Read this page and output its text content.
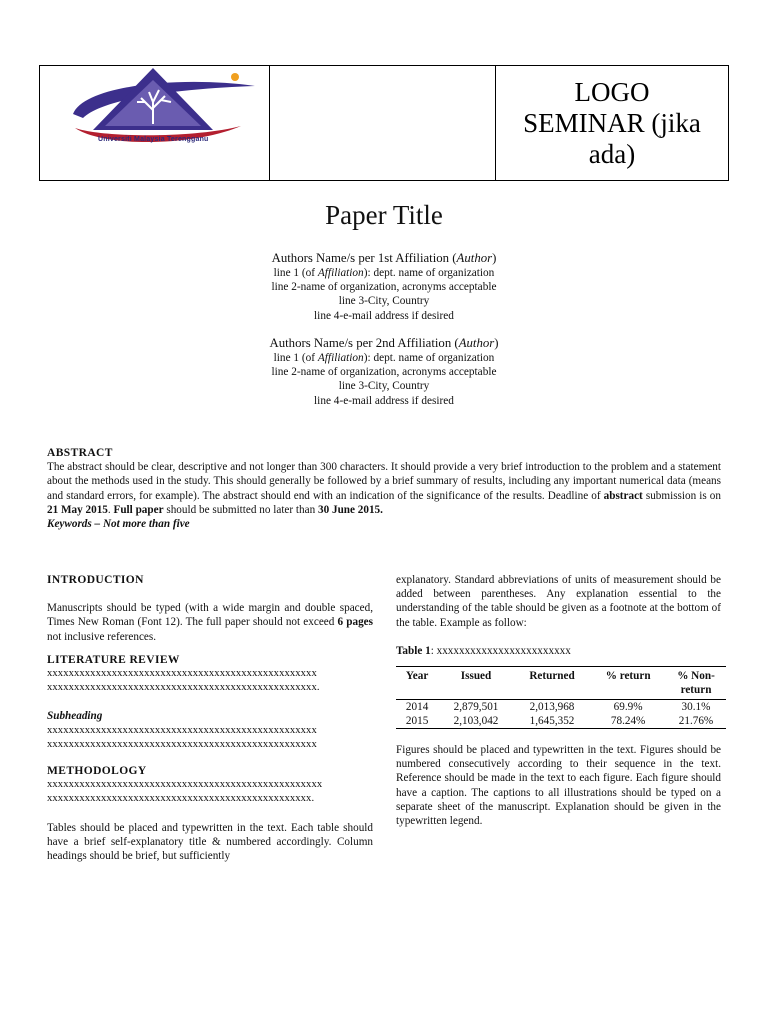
Universiti Malaysia Terengganu
LOGO
SEMINAR (jika
ada)
Paper Title
Authors Name/s per 1st Affiliation (Author)
line 1 (of Affiliation): dept. name of organization
line 2-name of organization, acronyms acceptable
line 3-City, Country
line 4-e-mail address if desired
Authors Name/s per 2nd Affiliation (Author)
line 1 (of Affiliation): dept. name of organization
line 2-name of organization, acronyms acceptable
line 3-City, Country
line 4-e-mail address if desired
ABSTRACT
The abstract should be clear, descriptive and not longer than 300 characters. It should provide a very brief introduction to the problem and a statement about the methods used in the study. This should generally be followed by a brief summary of results, including any important numerical data (means and standard errors, for example). The abstract should end with an indication of the significance of the results. Deadline of abstract submission is on 21 May 2015. Full paper should be submitted no later than 30 June 2015.
Keywords – Not more than five
INTRODUCTION

Manuscripts should be typed (with a wide margin and double spaced, Times New Roman (Font 12). The full paper should not exceed 6 pages not inclusive references.

LITERATURE REVIEW
xxxxxxxxxxxxxxxxxxxxxxxxxxxxxxxxxxxxxxxxxxxxxxxxxx
xxxxxxxxxxxxxxxxxxxxxxxxxxxxxxxxxxxxxxxxxxxxxxxxxx.
Subheading
xxxxxxxxxxxxxxxxxxxxxxxxxxxxxxxxxxxxxxxxxxxxxxxxxx
xxxxxxxxxxxxxxxxxxxxxxxxxxxxxxxxxxxxxxxxxxxxxxxxxx
METHODOLOGY
xxxxxxxxxxxxxxxxxxxxxxxxxxxxxxxxxxxxxxxxxxxxxxxxxxx
xxxxxxxxxxxxxxxxxxxxxxxxxxxxxxxxxxxxxxxxxxxxxxxxx.

Tables should be placed and typewritten in the text. Each table should have a brief self-explanatory title & numbered accordingly. Column headings should be brief, but sufficiently

explanatory. Standard abbreviations of units of measurement should be added between parentheses. Any explanation essential to the understanding of the table should be given as a footnote at the bottom of the table. Example as follow:

Table 1: xxxxxxxxxxxxxxxxxxxxxxxx
Year	Issued	Returned	% return	% Non-return
2014	2,879,501	2,013,968	69.9%	30.1%
2015	2,103,042	1,645,352	78.24%	21.76%

Figures should be placed and typewritten in the text. Figures should be numbered consecutively according to their sequence in the text. Reference should be made in the text to each figure. Each figure should have a caption. The captions to all illustrations should be typed on a separate sheet of the manuscript. Explanation should be given in the typewritten legend.
